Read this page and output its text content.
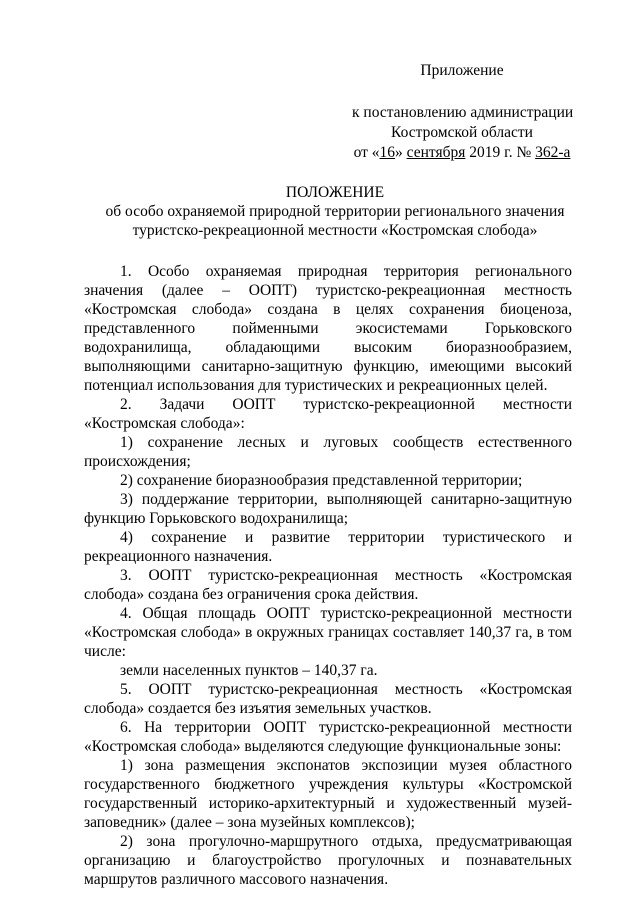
Приложение
к постановлению администрации
Костромской области
от «16» сентября 2019 г. № 362-а
ПОЛОЖЕНИЕ
об особо охраняемой природной территории регионального значения
туристско-рекреационной местности «Костромская слобода»

1. Особо охраняемая природная территория регионального значения (далее – ООПТ) туристско-рекреационная местность «Костромская слобода» создана в целях сохранения биоценоза, представленного пойменными экосистемами Горьковского водохранилища, обладающими высоким биоразнообразием, выполняющими санитарно-защитную функцию, имеющими высокий потенциал использования для туристических и рекреационных целей.

2. Задачи ООПТ туристско-рекреационной местности «Костромская слобода»:

1) сохранение лесных и луговых сообществ естественного происхождения;

2) сохранение биоразнообразия представленной территории;

3) поддержание территории, выполняющей санитарно-защитную функцию Горьковского водохранилища;

4) сохранение и развитие территории туристического и рекреационного назначения.

3. ООПТ туристско-рекреационная местность «Костромская слобода» создана без ограничения срока действия.

4. Общая площадь ООПТ туристско-рекреационной местности «Костромская слобода» в окружных границах составляет 140,37 га, в том числе:

земли населенных пунктов – 140,37 га.

5. ООПТ туристско-рекреационная местность «Костромская слобода» создается без изъятия земельных участков.

6. На территории ООПТ туристско-рекреационной местности «Костромская слобода» выделяются следующие функциональные зоны:

1) зона размещения экспонатов экспозиции музея областного государственного бюджетного учреждения культуры «Костромской государственный историко-архитектурный и художественный музей-заповедник» (далее – зона музейных комплексов);

2) зона прогулочно-маршрутного отдыха, предусматривающая организацию и благоустройство прогулочных и познавательных маршрутов различного массового назначения.
